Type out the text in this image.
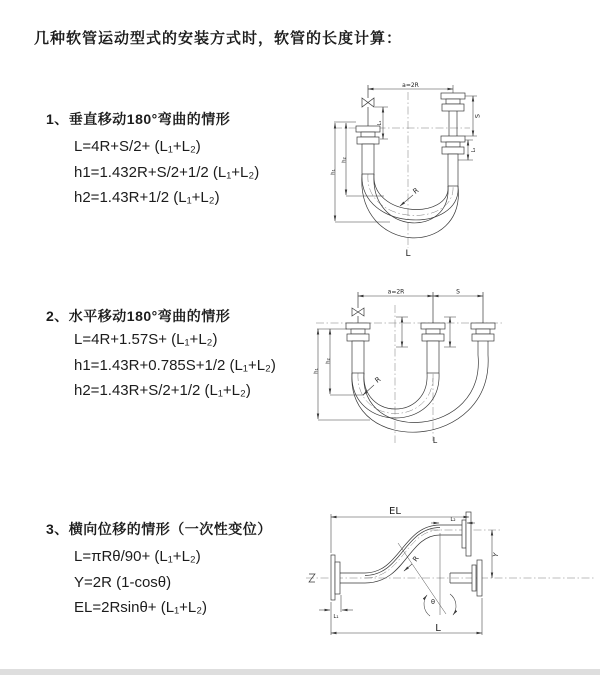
几种软管运动型式的安装方式时，软管的长度计算：
1、垂直移动180°弯曲的情形
L=4R+S/2+ (L₁+L₂)
h1=1.432R+S/2+1/2 (L₁+L₂)
h2=1.43R+1/2 (L₁+L₂)
a=2R
S
L₂
L₁
h₁
h₂
R
L
2、水平移动180°弯曲的情形
L=4R+1.57S+ (L₁+L₂)
h1=1.43R+0.785S+1/2 (L₁+L₂)
h2=1.43R+S/2+1/2 (L₁+L₂)
a=2R	S
h₁
h₂
R
L
3、横向位移的情形（一次性变位）
L=πRθ/90+ (L₁+L₂)
Y=2R (1-cosθ)
EL=2Rsinθ+ (L₁+L₂)
EL
L₂
Y
R
θ
L
L₁
